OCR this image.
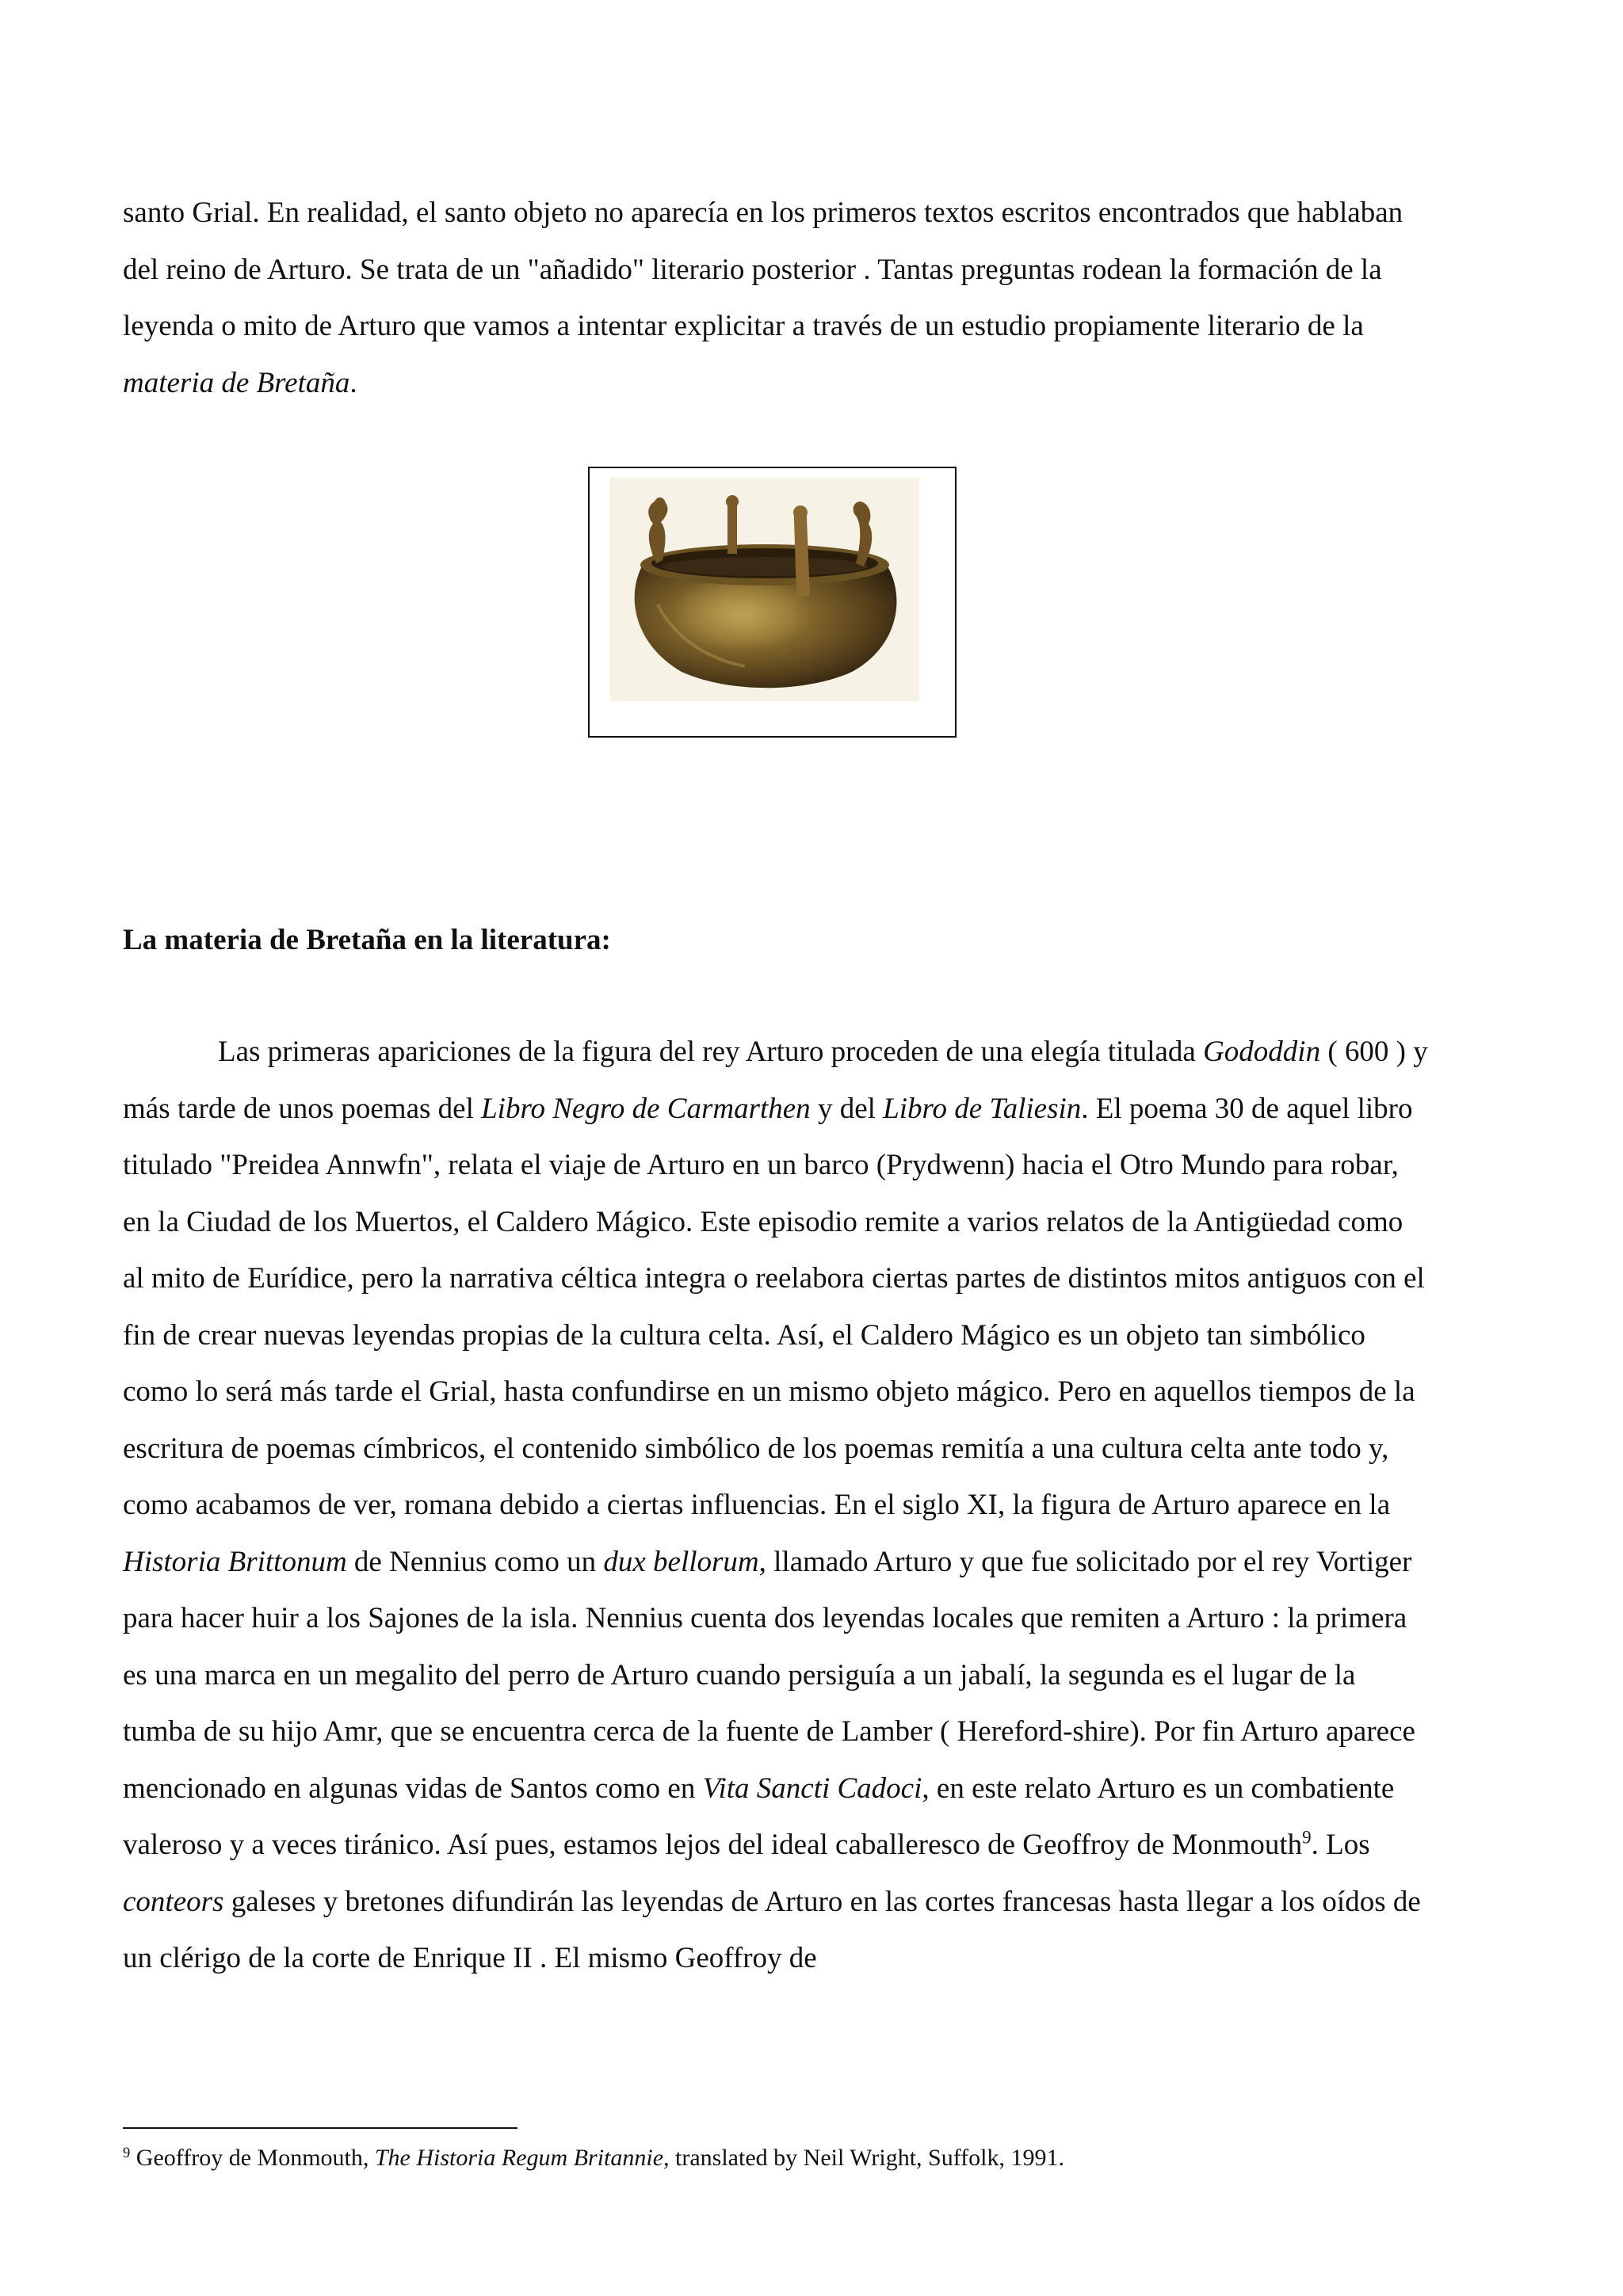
santo Grial. En realidad, el santo objeto no aparecía en los primeros textos escritos encontrados que hablaban del reino de Arturo. Se trata de un "añadido" literario posterior . Tantas preguntas rodean la formación de la leyenda o mito de Arturo que vamos a intentar explicitar a través de un estudio propiamente literario de la materia de Bretaña.
La materia de Bretaña en la literatura:
Las primeras apariciones de la figura del rey Arturo proceden de una elegía titulada Gododdin ( 600 ) y más tarde de unos poemas del Libro Negro de Carmarthen y del Libro de Taliesin. El poema 30 de aquel libro titulado "Preidea Annwfn", relata el viaje de Arturo en un barco (Prydwenn) hacia el Otro Mundo para robar, en la Ciudad de los Muertos, el Caldero Mágico. Este episodio remite a varios relatos de la Antigüedad como al mito de Eurídice, pero la narrativa céltica integra o reelabora ciertas partes de distintos mitos antiguos con el fin de crear nuevas leyendas propias de la cultura celta. Así, el Caldero Mágico es un objeto tan simbólico como lo será más tarde el Grial, hasta confundirse en un mismo objeto mágico. Pero en aquellos tiempos de la escritura de poemas címbricos, el contenido simbólico de los poemas remitía a una cultura celta ante todo y, como acabamos de ver, romana debido a ciertas influencias. En el siglo XI, la figura de Arturo aparece en la Historia Brittonum de Nennius como un dux bellorum, llamado Arturo y que fue solicitado por el rey Vortiger para hacer huir a los Sajones de la isla. Nennius cuenta dos leyendas locales que remiten a Arturo : la primera es una marca en un megalito del perro de Arturo cuando persiguía a un jabalí, la segunda es el lugar de la tumba de su hijo Amr, que se encuentra cerca de la fuente de Lamber ( Hereford-shire). Por fin Arturo aparece mencionado en algunas vidas de Santos como en Vita Sancti Cadoci, en este relato Arturo es un combatiente valeroso y a veces tiránico. Así pues, estamos lejos del ideal caballeresco de Geoffroy de Monmouth$^9$. Los conteors galeses y bretones difundirán las leyendas de Arturo en las cortes francesas hasta llegar a los oídos de un clérigo de la corte de Enrique II . El mismo Geoffroy de
$^9$ Geoffroy de Monmouth, The Historia Regum Britannie, translated by Neil Wright, Suffolk, 1991.
